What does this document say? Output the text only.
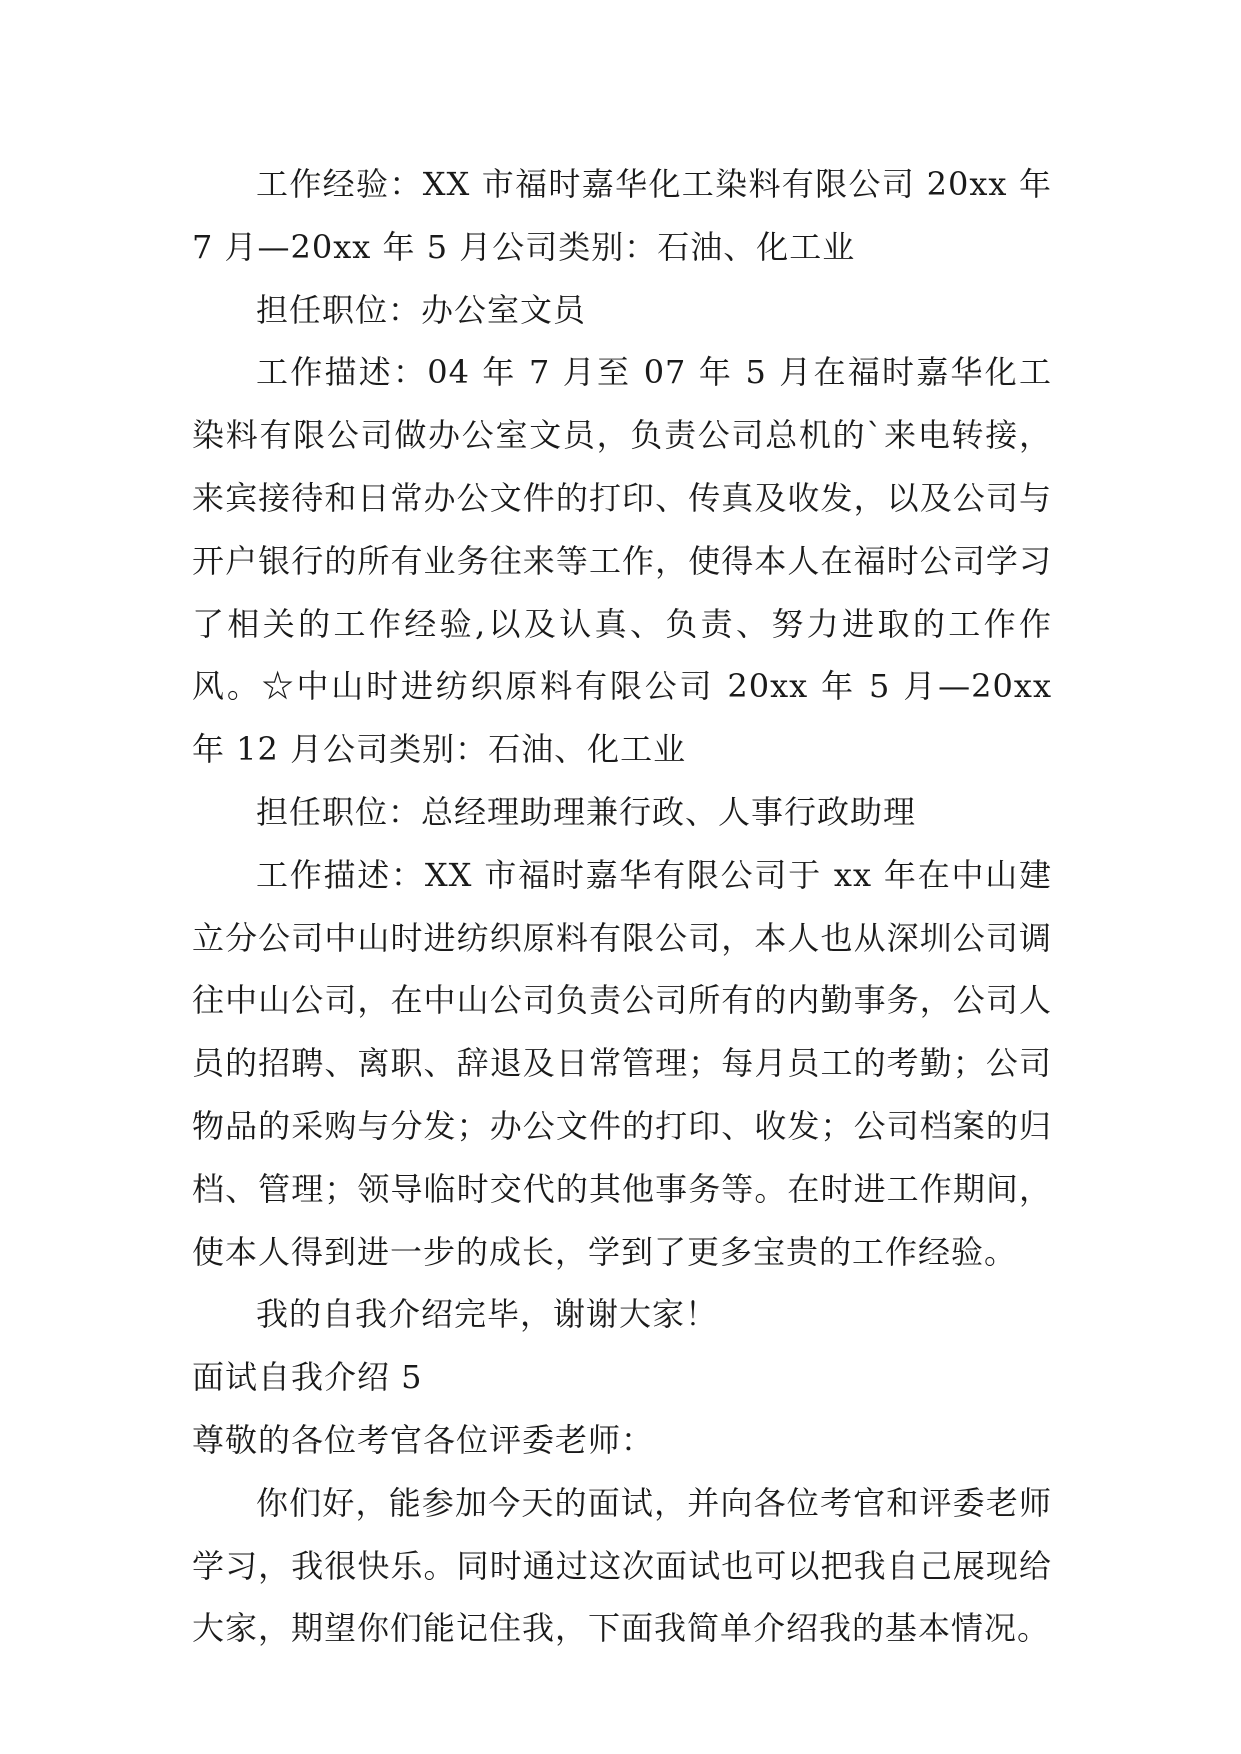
工作经验：XX 市福时嘉华化工染料有限公司 20xx 年 7 月—20xx 年 5 月公司类别：石油、化工业

担任职位：办公室文员

工作描述：04 年 7 月至 07 年 5 月在福时嘉华化工染料有限公司做办公室文员，负责公司总机的`来电转接，来宾接待和日常办公文件的打印、传真及收发，以及公司与开户银行的所有业务往来等工作，使得本人在福时公司学习了相关的工作经验,以及认真、负责、努力进取的工作作风。☆中山时进纺织原料有限公司 20xx 年 5 月—20xx 年 12 月公司类别：石油、化工业

担任职位：总经理助理兼行政、人事行政助理

工作描述：XX 市福时嘉华有限公司于 xx 年在中山建立分公司中山时进纺织原料有限公司，本人也从深圳公司调往中山公司，在中山公司负责公司所有的内勤事务，公司人员的招聘、离职、辞退及日常管理；每月员工的考勤；公司物品的采购与分发；办公文件的打印、收发；公司档案的归档、管理；领导临时交代的其他事务等。在时进工作期间，使本人得到进一步的成长，学到了更多宝贵的工作经验。

我的自我介绍完毕，谢谢大家！

面试自我介绍 5

尊敬的各位考官各位评委老师：

你们好，能参加今天的面试，并向各位考官和评委老师学习，我很快乐。同时通过这次面试也可以把我自己展现给大家，期望你们能记住我，下面我简单介绍我的基本情况。
